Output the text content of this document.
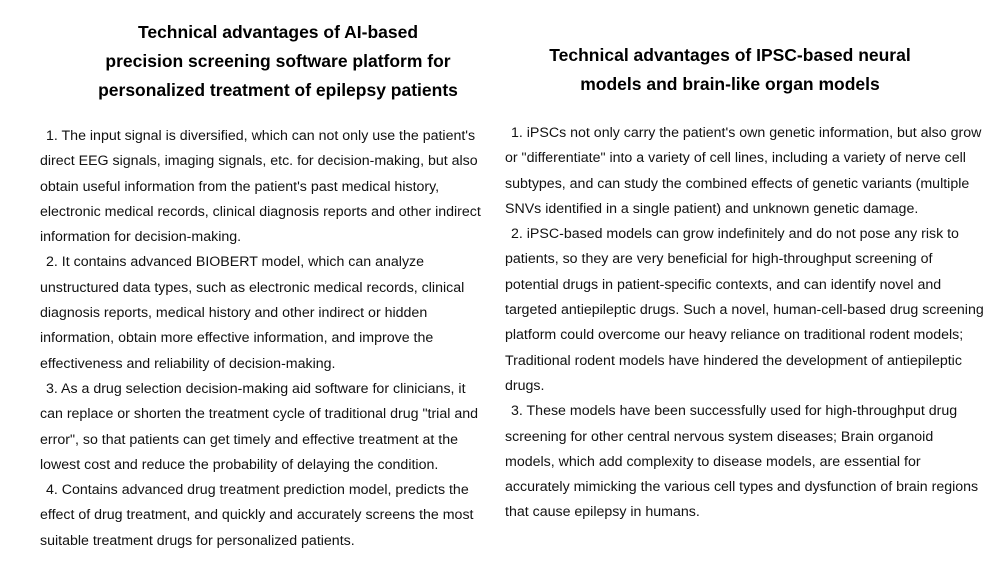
Technical advantages of AI-based
precision screening software platform for
personalized treatment of epilepsy patients

1. The input signal is diversified, which can not only use the patient's direct EEG signals, imaging signals, etc. for decision-making, but also obtain useful information from the patient's past medical history, electronic medical records, clinical diagnosis reports and other indirect information for decision-making.

2. It contains advanced BIOBERT model, which can analyze unstructured data types, such as electronic medical records, clinical diagnosis reports, medical history and other indirect or hidden information, obtain more effective information, and improve the effectiveness and reliability of decision-making.

3. As a drug selection decision-making aid software for clinicians, it can replace or shorten the treatment cycle of traditional drug "trial and error", so that patients can get timely and effective treatment at the lowest cost and reduce the probability of delaying the condition.

4. Contains advanced drug treatment prediction model, predicts the effect of drug treatment, and quickly and accurately screens the most suitable treatment drugs for personalized patients.

Technical advantages of IPSC-based neural
models and brain-like organ models

1. iPSCs not only carry the patient's own genetic information, but also grow or "differentiate" into a variety of cell lines, including a variety of nerve cell subtypes, and can study the combined effects of genetic variants (multiple SNVs identified in a single patient) and unknown genetic damage.

2. iPSC-based models can grow indefinitely and do not pose any risk to patients, so they are very beneficial for high-throughput screening of potential drugs in patient-specific contexts, and can identify novel and targeted antiepileptic drugs. Such a novel, human-cell-based drug screening platform could overcome our heavy reliance on traditional rodent models; Traditional rodent models have hindered the development of antiepileptic drugs.

3. These models have been successfully used for high-throughput drug screening for other central nervous system diseases; Brain organoid models, which add complexity to disease models, are essential for accurately mimicking the various cell types and dysfunction of brain regions that cause epilepsy in humans.
